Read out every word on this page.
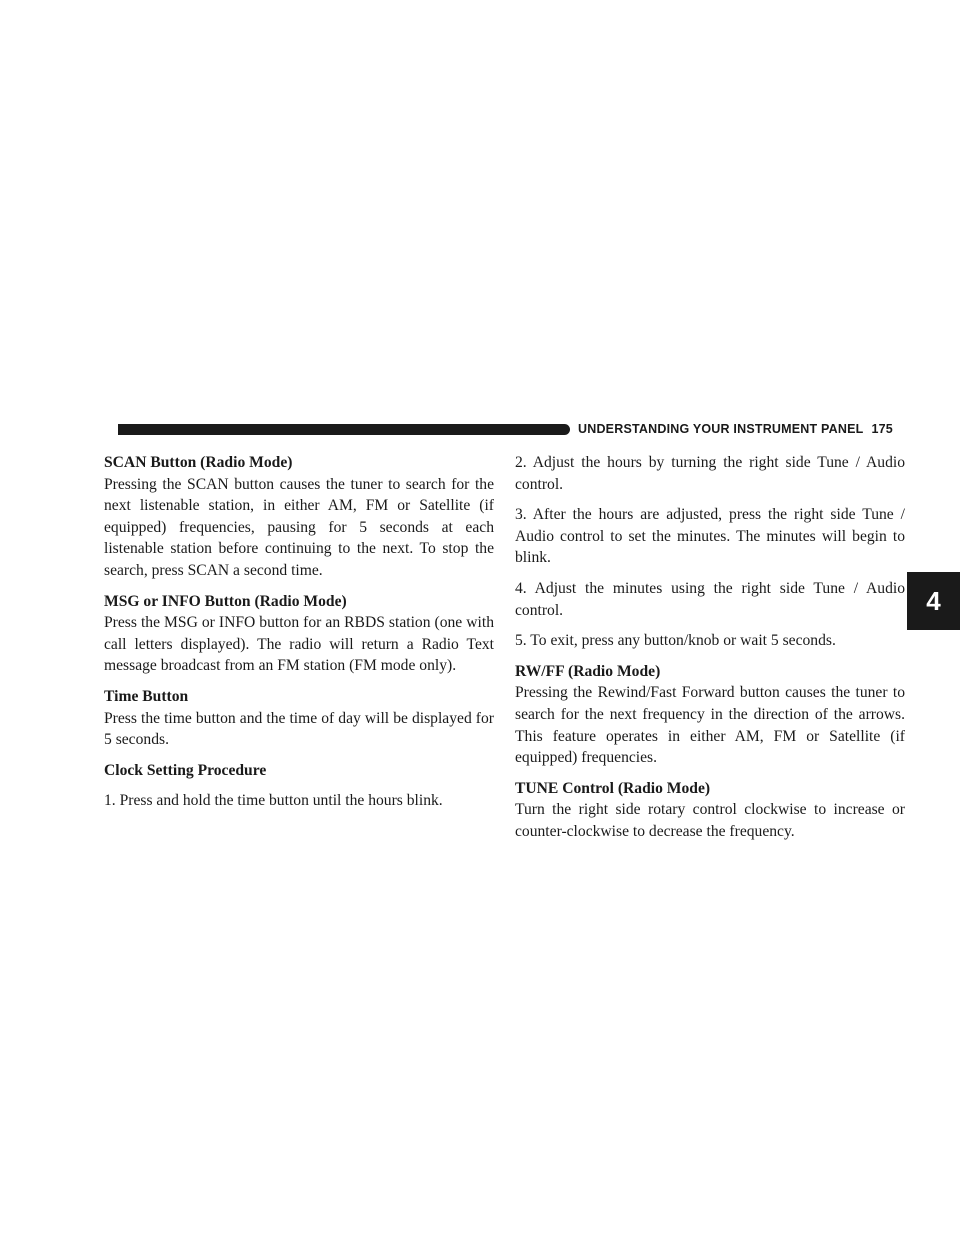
UNDERSTANDING YOUR INSTRUMENT PANEL 175
4

SCAN Button (Radio Mode)

Pressing the SCAN button causes the tuner to search for the next listenable station, in either AM, FM or Satellite (if equipped) frequencies, pausing for 5 seconds at each listenable station before continuing to the next. To stop the search, press SCAN a second time.

MSG or INFO Button (Radio Mode)

Press the MSG or INFO button for an RBDS station (one with call letters displayed). The radio will return a Radio Text message broadcast from an FM station (FM mode only).

Time Button

Press the time button and the time of day will be displayed for 5 seconds.

Clock Setting Procedure

1. Press and hold the time button until the hours blink.

2. Adjust the hours by turning the right side Tune / Audio control.

3. After the hours are adjusted, press the right side Tune / Audio control to set the minutes. The minutes will begin to blink.

4. Adjust the minutes using the right side Tune / Audio control.

5. To exit, press any button/knob or wait 5 seconds.

RW/FF (Radio Mode)

Pressing the Rewind/Fast Forward button causes the tuner to search for the next frequency in the direction of the arrows. This feature operates in either AM, FM or Satellite (if equipped) frequencies.

TUNE Control (Radio Mode)

Turn the right side rotary control clockwise to increase or counter-clockwise to decrease the frequency.
